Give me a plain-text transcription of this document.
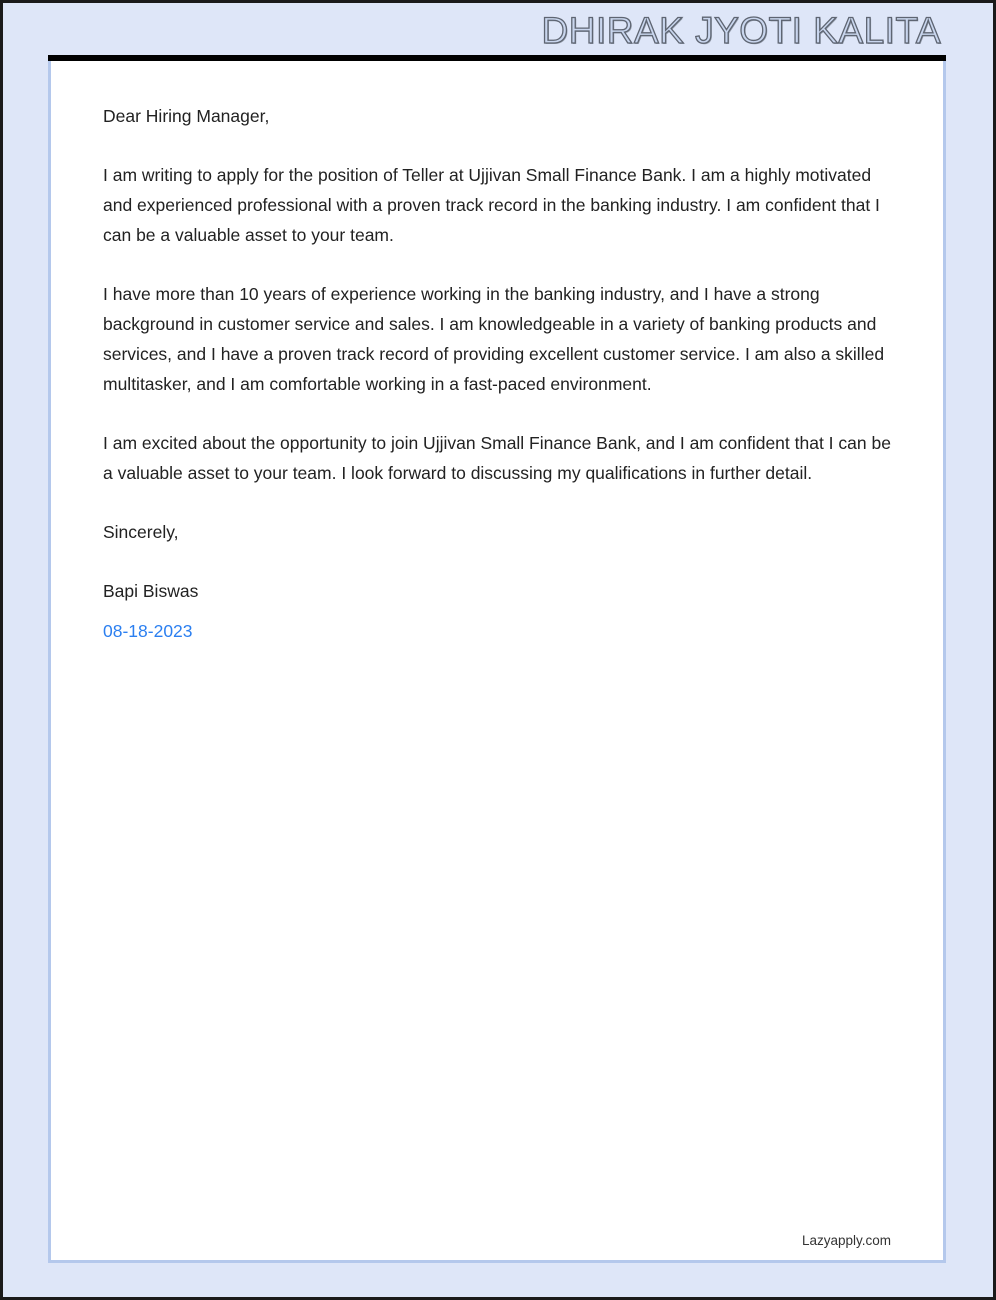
DHIRAK JYOTI KALITA

Dear Hiring Manager,

I am writing to apply for the position of Teller at Ujjivan Small Finance Bank. I am a highly motivated and experienced professional with a proven track record in the banking industry. I am confident that I can be a valuable asset to your team.

I have more than 10 years of experience working in the banking industry, and I have a strong background in customer service and sales. I am knowledgeable in a variety of banking products and services, and I have a proven track record of providing excellent customer service. I am also a skilled multitasker, and I am comfortable working in a fast-paced environment.

I am excited about the opportunity to join Ujjivan Small Finance Bank, and I am confident that I can be a valuable asset to your team. I look forward to discussing my qualifications in further detail.

Sincerely,

Bapi Biswas

08-18-2023

Lazyapply.com
